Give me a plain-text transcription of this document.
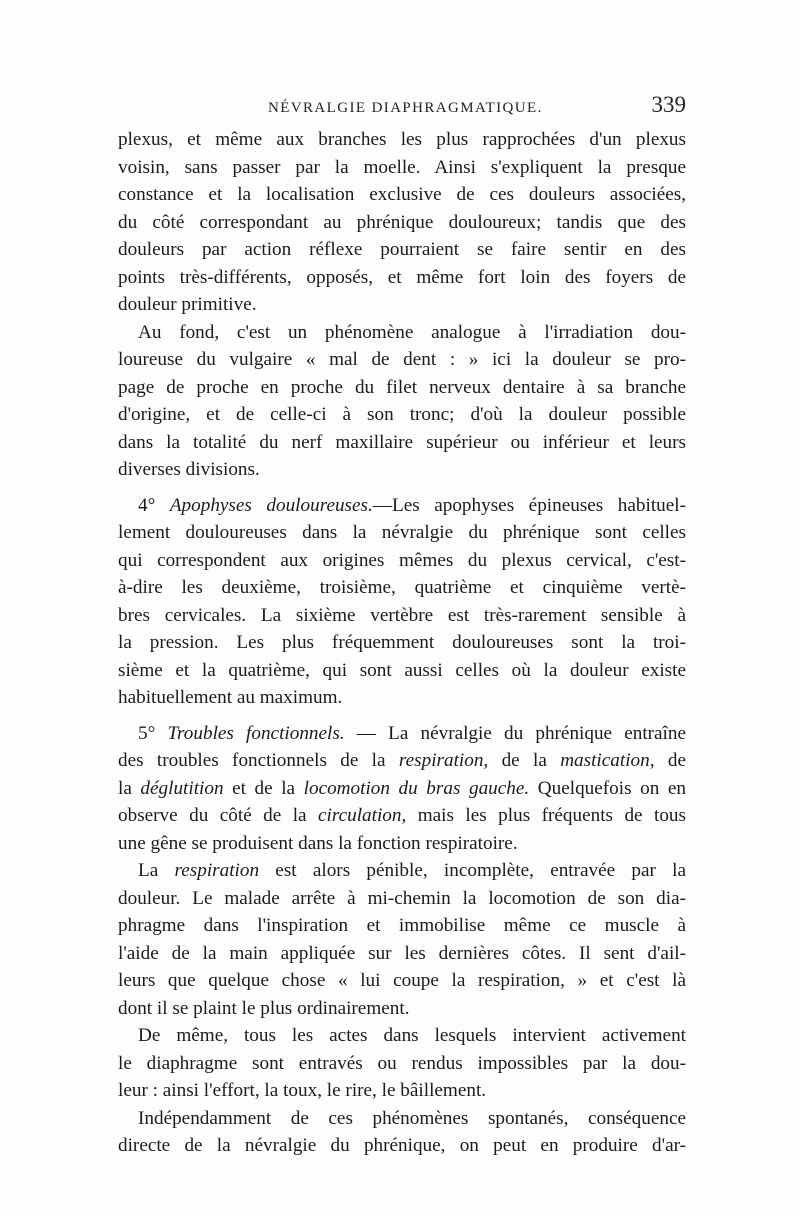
NÉVRALGIE DIAPHRAGMATIQUE.	339
plexus, et même aux branches les plus rapprochées d'un plexus
voisin, sans passer par la moelle. Ainsi s'expliquent la presque
constance et la localisation exclusive de ces douleurs associées,
du côté correspondant au phrénique douloureux; tandis que des
douleurs par action réflexe pourraient se faire sentir en des
points très-différents, opposés, et même fort loin des foyers de
douleur primitive.
Au fond, c'est un phénomène analogue à l'irradiation dou-
loureuse du vulgaire « mal de dent : » ici la douleur se pro-
page de proche en proche du filet nerveux dentaire à sa branche
d'origine, et de celle-ci à son tronc; d'où la douleur possible
dans la totalité du nerf maxillaire supérieur ou inférieur et leurs
diverses divisions.
4° Apophyses douloureuses.—Les apophyses épineuses habituel-
lement douloureuses dans la névralgie du phrénique sont celles
qui correspondent aux origines mêmes du plexus cervical, c'est-
à-dire les deuxième, troisième, quatrième et cinquième vertè-
bres cervicales. La sixième vertèbre est très-rarement sensible à
la pression. Les plus fréquemment douloureuses sont la troi-
sième et la quatrième, qui sont aussi celles où la douleur existe
habituellement au maximum.
5° Troubles fonctionnels. — La névralgie du phrénique entraîne
des troubles fonctionnels de la respiration, de la mastication, de
la déglutition et de la locomotion du bras gauche. Quelquefois on en
observe du côté de la circulation, mais les plus fréquents de tous
une gêne se produisent dans la fonction respiratoire.
La respiration est alors pénible, incomplète, entravée par la
douleur. Le malade arrête à mi-chemin la locomotion de son dia-
phragme dans l'inspiration et immobilise même ce muscle à
l'aide de la main appliquée sur les dernières côtes. Il sent d'ail-
leurs que quelque chose « lui coupe la respiration, » et c'est là
dont il se plaint le plus ordinairement.
De même, tous les actes dans lesquels intervient activement
le diaphragme sont entravés ou rendus impossibles par la dou-
leur : ainsi l'effort, la toux, le rire, le bâillement.
Indépendamment de ces phénomènes spontanés, conséquence
directe de la névralgie du phrénique, on peut en produire d'ar-
